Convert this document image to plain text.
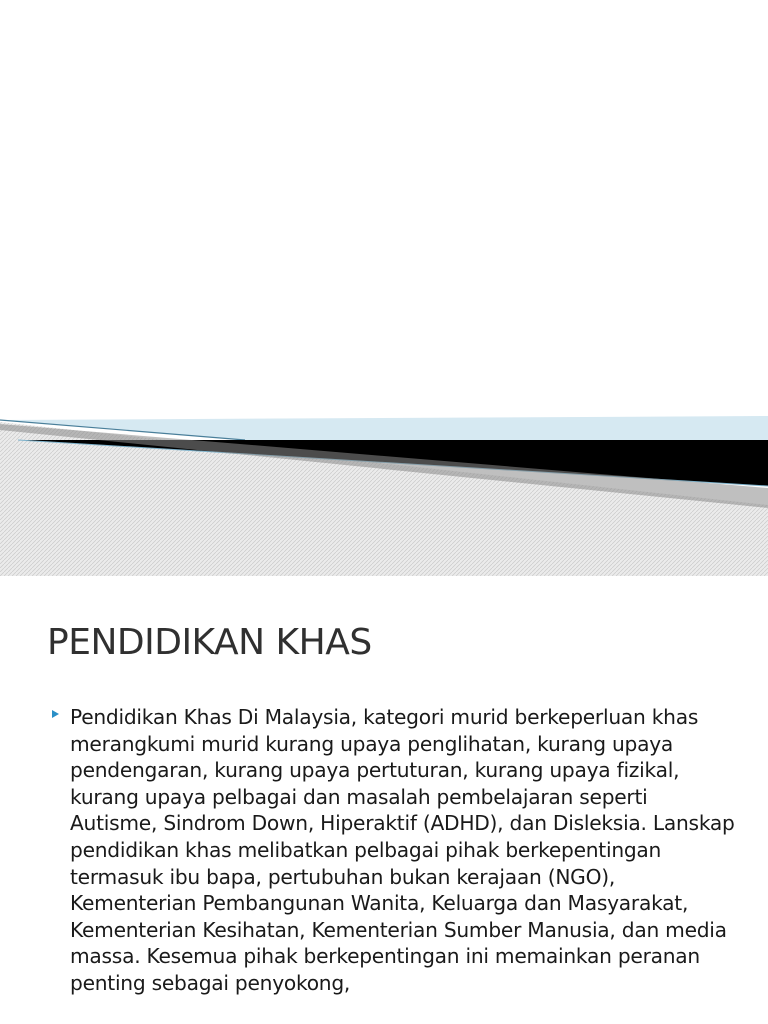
PENDIDIKAN KHAS

Pendidikan Khas Di Malaysia, kategori murid berkeperluan khas merangkumi murid kurang upaya penglihatan, kurang upaya pendengaran, kurang upaya pertuturan, kurang upaya fizikal, kurang upaya pelbagai dan masalah pembelajaran seperti Autisme, Sindrom Down, Hiperaktif (ADHD), dan Disleksia. Lanskap pendidikan khas melibatkan pelbagai pihak berkepentingan termasuk ibu bapa, pertubuhan bukan kerajaan (NGO), Kementerian Pembangunan Wanita, Keluarga dan Masyarakat, Kementerian Kesihatan, Kementerian Sumber Manusia, dan media massa. Kesemua pihak berkepentingan ini memainkan peranan penting sebagai penyokong,
